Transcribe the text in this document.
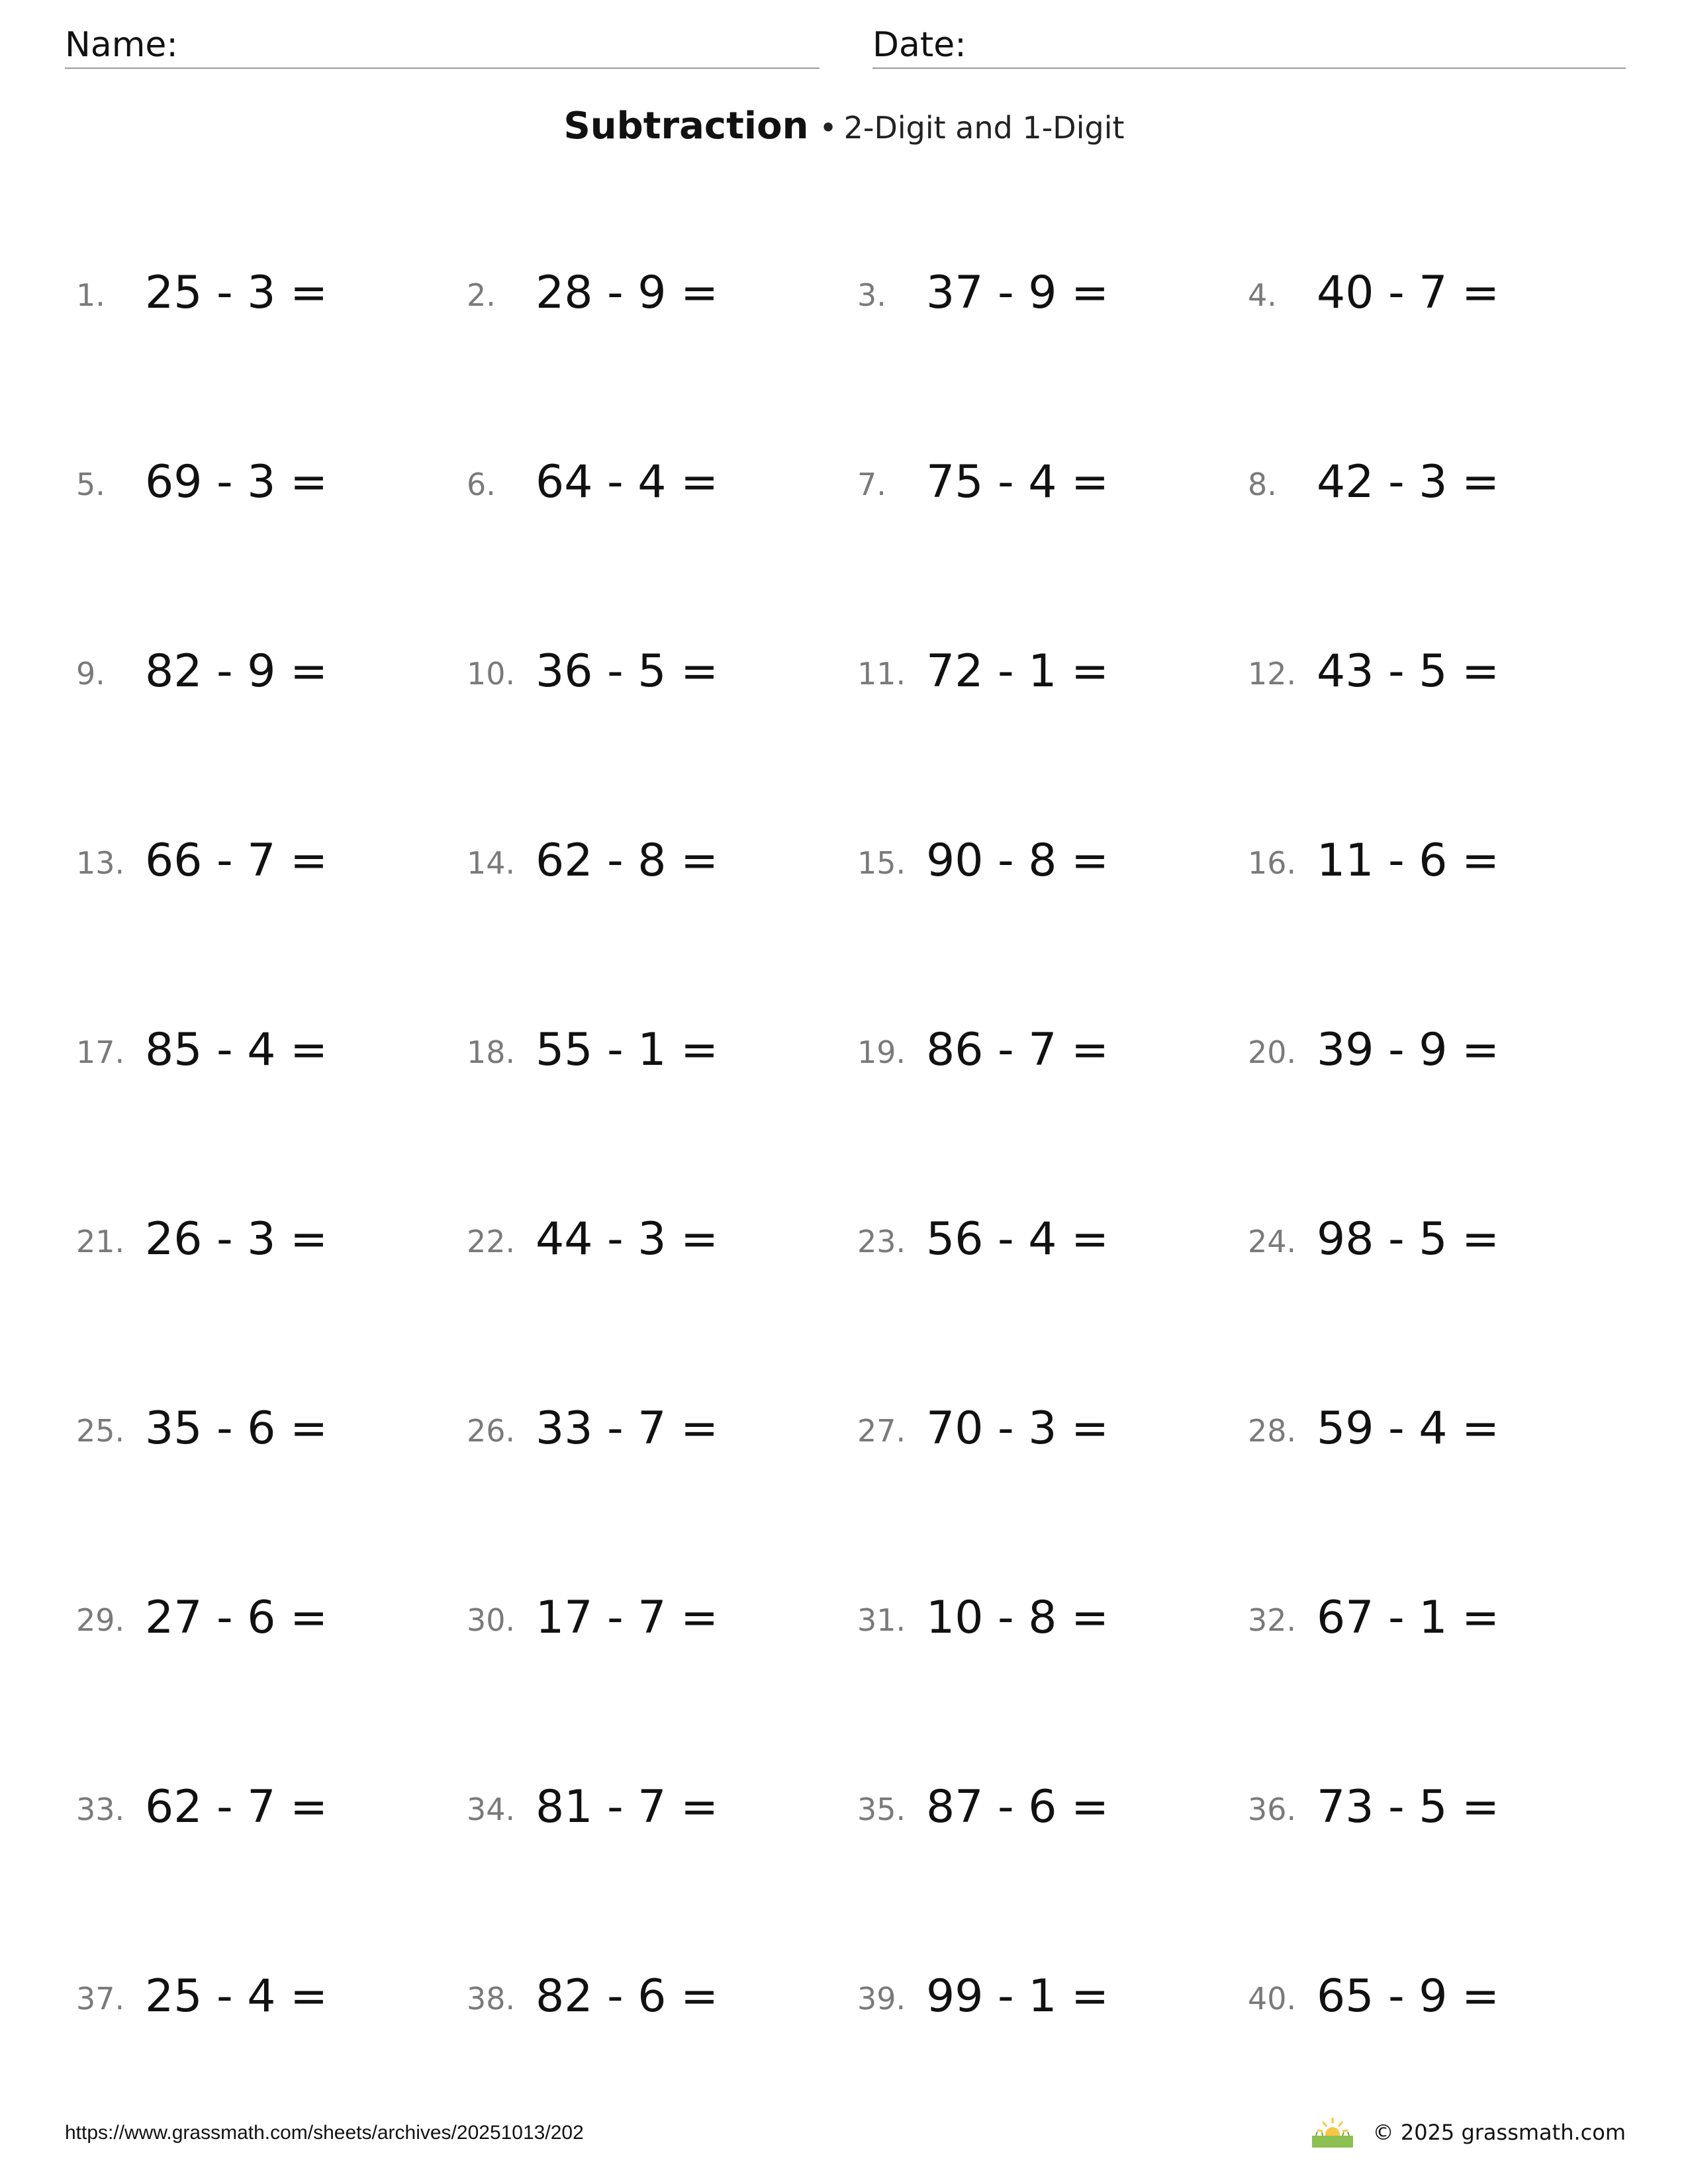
Name:	Date:
Subtraction • 2-Digit and 1-Digit
1. 25 - 3 =	2. 28 - 9 =	3. 37 - 9 =	4. 40 - 7 =
5. 69 - 3 =	6. 64 - 4 =	7. 75 - 4 =	8. 42 - 3 =
9. 82 - 9 =	10. 36 - 5 =	11. 72 - 1 =	12. 43 - 5 =
13. 66 - 7 =	14. 62 - 8 =	15. 90 - 8 =	16. 11 - 6 =
17. 85 - 4 =	18. 55 - 1 =	19. 86 - 7 =	20. 39 - 9 =
21. 26 - 3 =	22. 44 - 3 =	23. 56 - 4 =	24. 98 - 5 =
25. 35 - 6 =	26. 33 - 7 =	27. 70 - 3 =	28. 59 - 4 =
29. 27 - 6 =	30. 17 - 7 =	31. 10 - 8 =	32. 67 - 1 =
33. 62 - 7 =	34. 81 - 7 =	35. 87 - 6 =	36. 73 - 5 =
37. 25 - 4 =	38. 82 - 6 =	39. 99 - 1 =	40. 65 - 9 =
https://www.grassmath.com/sheets/archives/20251013/202	© 2025 grassmath.com
